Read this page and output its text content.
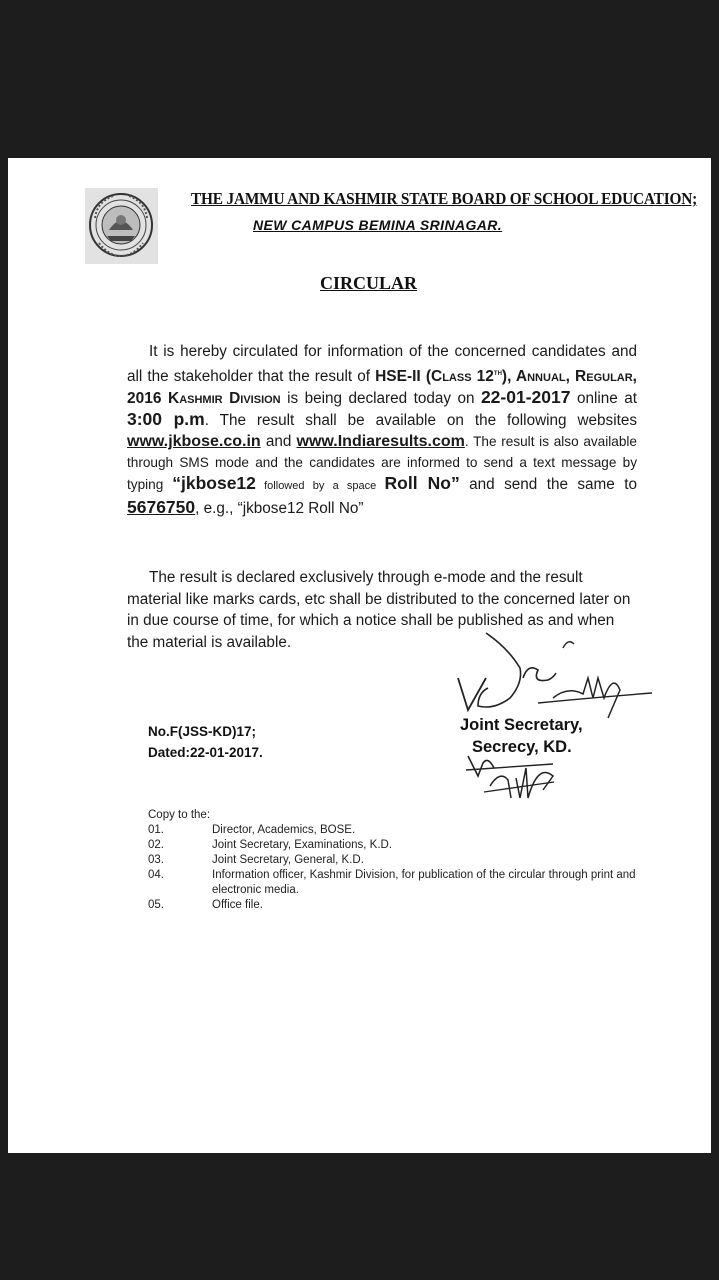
THE JAMMU AND KASHMIR STATE BOARD OF SCHOOL EDUCATION;
NEW CAMPUS BEMINA SRINAGAR.
CIRCULAR
It is hereby circulated for information of the concerned candidates and all the stakeholder that the result of HSE-II (Class 12th), Annual, Regular, 2016 Kashmir Division is being declared today on 22-01-2017 online at 3:00 p.m. The result shall be available on the following websites www.jkbose.co.in and www.Indiaresults.com. The result is also available through SMS mode and the candidates are informed to send a text message by typing “jkbose12 followed by a space Roll No” and send the same to 5676750, e.g., “jkbose12 Roll No”
The result is declared exclusively through e-mode and the result material like marks cards, etc shall be distributed to the concerned later on in due course of time, for which a notice shall be published as and when the material is available.
No.F(JSS-KD)17;
Dated:22-01-2017.
Joint Secretary,
Secrecy, KD.
Copy to the:
01.	Director, Academics, BOSE.
02.	Joint Secretary, Examinations, K.D.
03.	Joint Secretary, General, K.D.
04.	Information officer, Kashmir Division, for publication of the circular through print and electronic media.
05.	Office file.
